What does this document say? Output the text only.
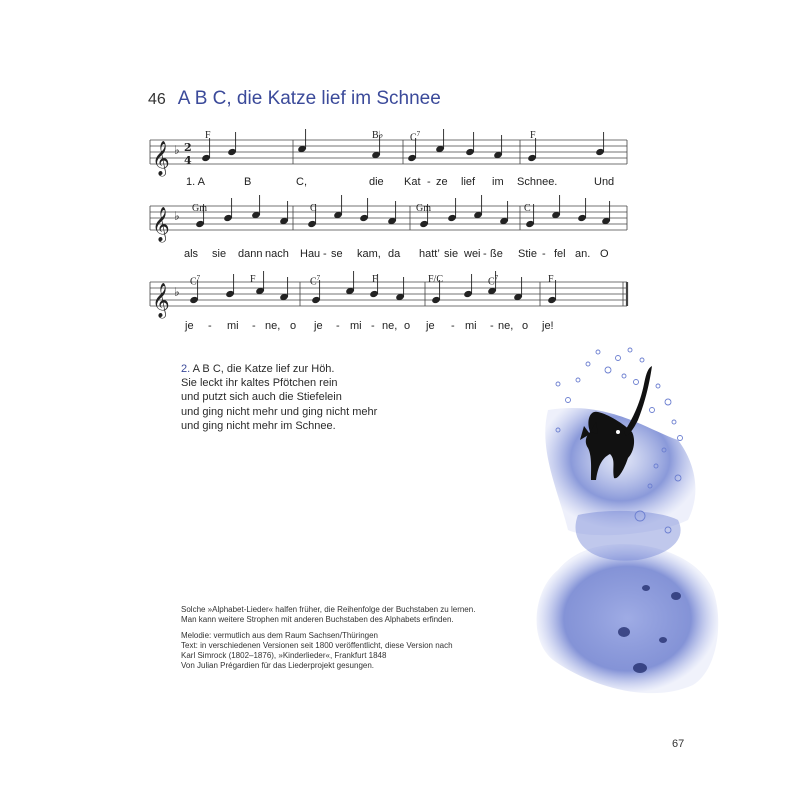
46 A B C, die Katze lief im Schnee
𝄞 ♭ 2
4
𝄞 ♭
𝄞 ♭
F	B♭	$C^7$	F
Gm	C	Gm	C
$C^7$	F	$C^7$	F	F/C	$C^7$	F
1. A	B	C,	die Kat - ze lief im Schnee.	Und
als sie dann nach Hau - se kam, da hatt’ sie wei - ße Stie - fel an. O
je - mi - ne, o je - mi - ne, o je - mi - ne, o je!
2. A B C, die Katze lief zur Höh.
Sie leckt ihr kaltes Pfötchen rein
und putzt sich auch die Stiefelein
und ging nicht mehr und ging nicht mehr
und ging nicht mehr im Schnee.
Solche »Alphabet-Lieder« halfen früher, die Reihenfolge der Buchstaben zu lernen.
Man kann weitere Strophen mit anderen Buchstaben des Alphabets erfinden.
Melodie: vermutlich aus dem Raum Sachsen/Thüringen
Text: in verschiedenen Versionen seit 1800 veröffentlicht, diese Version nach
Karl Simrock (1802–1876), »Kinderlieder«, Frankfurt 1848
Von Julian Prégardien für das Liederprojekt gesungen.
67
